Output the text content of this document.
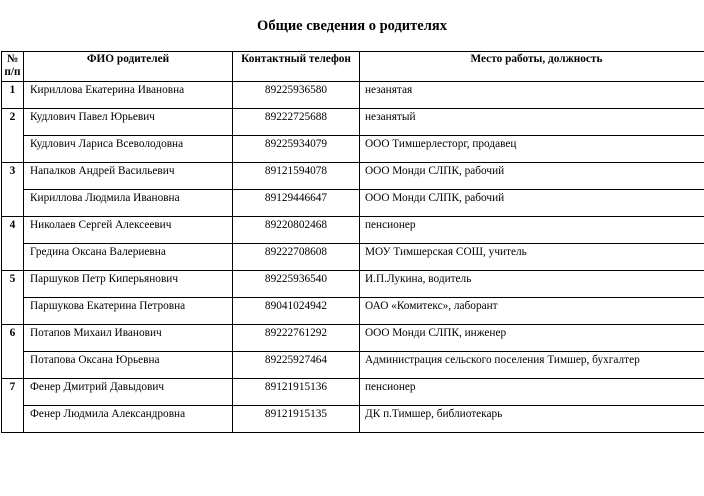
Общие сведения о родителях
№ п/п	ФИО родителей	Контактный телефон	Место работы, должность
1	Кириллова Екатерина Ивановна	89225936580	незанятая
2	Кудлович Павел Юрьевич	89222725688	незанятый
	Кудлович Лариса Всеволодовна	89225934079	ООО Тимшерлесторг, продавец
3	Напалков Андрей Васильевич	89121594078	ООО Монди СЛПК, рабочий
	Кириллова Людмила Ивановна	89129446647	ООО Монди СЛПК, рабочий
4	Николаев Сергей Алексеевич	89220802468	пенсионер
	Гредина Оксана Валериевна	89222708608	МОУ Тимшерская СОШ, учитель
5	Паршуков Петр Киперьянович	89225936540	И.П.Лукина, водитель
	Паршукова Екатерина Петровна	89041024942	ОАО «Комитекс», лаборант
6	Потапов Михаил Иванович	89222761292	ООО Монди СЛПК, инженер
	Потапова Оксана Юрьевна	89225927464	Администрация сельского поселения Тимшер, бухгалтер
7	Фенер Дмитрий Давыдович	89121915136	пенсионер
	Фенер Людмила Александровна	89121915135	ДК п.Тимшер, библиотекарь
